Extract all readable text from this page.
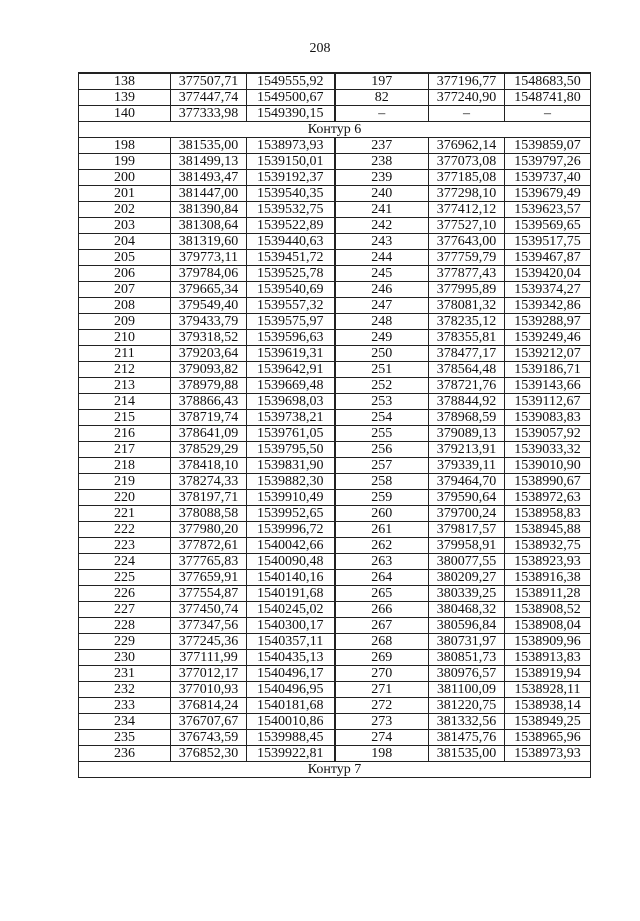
208
138	377507,71	1549555,92	197	377196,77	1548683,50
139	377447,74	1549500,67	82	377240,90	1548741,80
140	377333,98	1549390,15	–	–	–
Контур 6					
198	381535,00	1538973,93	237	376962,14	1539859,07
199	381499,13	1539150,01	238	377073,08	1539797,26
200	381493,47	1539192,37	239	377185,08	1539737,40
201	381447,00	1539540,35	240	377298,10	1539679,49
202	381390,84	1539532,75	241	377412,12	1539623,57
203	381308,64	1539522,89	242	377527,10	1539569,65
204	381319,60	1539440,63	243	377643,00	1539517,75
205	379773,11	1539451,72	244	377759,79	1539467,87
206	379784,06	1539525,78	245	377877,43	1539420,04
207	379665,34	1539540,69	246	377995,89	1539374,27
208	379549,40	1539557,32	247	378081,32	1539342,86
209	379433,79	1539575,97	248	378235,12	1539288,97
210	379318,52	1539596,63	249	378355,81	1539249,46
211	379203,64	1539619,31	250	378477,17	1539212,07
212	379093,82	1539642,91	251	378564,48	1539186,71
213	378979,88	1539669,48	252	378721,76	1539143,66
214	378866,43	1539698,03	253	378844,92	1539112,67
215	378719,74	1539738,21	254	378968,59	1539083,83
216	378641,09	1539761,05	255	379089,13	1539057,92
217	378529,29	1539795,50	256	379213,91	1539033,32
218	378418,10	1539831,90	257	379339,11	1539010,90
219	378274,33	1539882,30	258	379464,70	1538990,67
220	378197,71	1539910,49	259	379590,64	1538972,63
221	378088,58	1539952,65	260	379700,24	1538958,83
222	377980,20	1539996,72	261	379817,57	1538945,88
223	377872,61	1540042,66	262	379958,91	1538932,75
224	377765,83	1540090,48	263	380077,55	1538923,93
225	377659,91	1540140,16	264	380209,27	1538916,38
226	377554,87	1540191,68	265	380339,25	1538911,28
227	377450,74	1540245,02	266	380468,32	1538908,52
228	377347,56	1540300,17	267	380596,84	1538908,04
229	377245,36	1540357,11	268	380731,97	1538909,96
230	377111,99	1540435,13	269	380851,73	1538913,83
231	377012,17	1540496,17	270	380976,57	1538919,94
232	377010,93	1540496,95	271	381100,09	1538928,11
233	376814,24	1540181,68	272	381220,75	1538938,14
234	376707,67	1540010,86	273	381332,56	1538949,25
235	376743,59	1539988,45	274	381475,76	1538965,96
236	376852,30	1539922,81	198	381535,00	1538973,93
Контур 7					
